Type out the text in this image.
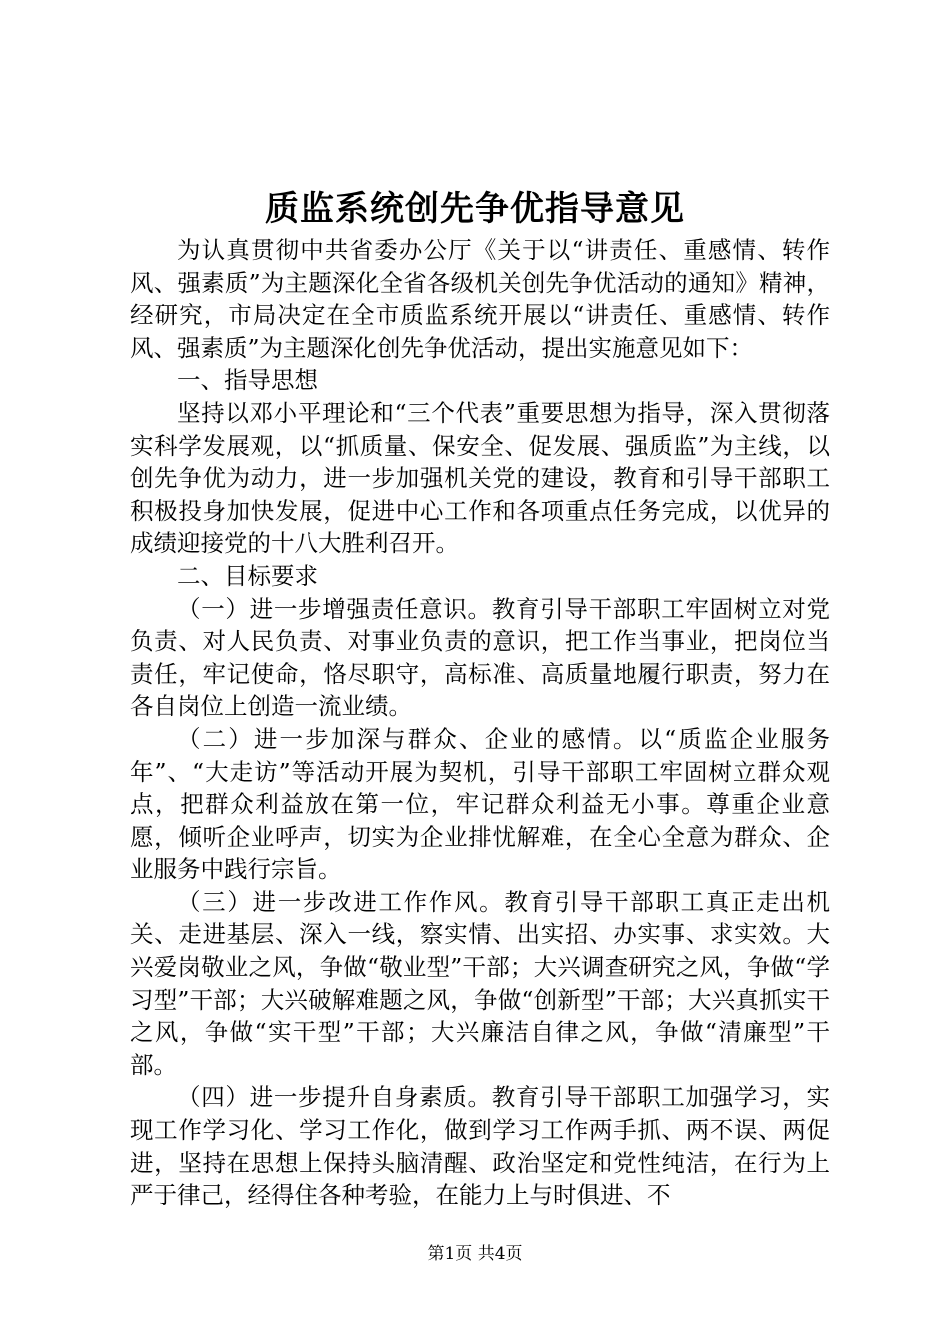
质监系统创先争优指导意见

为认真贯彻中共省委办公厅《关于以“讲责任、重感情、转作风、强素质”为主题深化全省各级机关创先争优活动的通知》精神，经研究，市局决定在全市质监系统开展以“讲责任、重感情、转作风、强素质”为主题深化创先争优活动，提出实施意见如下：

一、指导思想

坚持以邓小平理论和“三个代表”重要思想为指导，深入贯彻落实科学发展观，以“抓质量、保安全、促发展、强质监”为主线，以创先争优为动力，进一步加强机关党的建设，教育和引导干部职工积极投身加快发展，促进中心工作和各项重点任务完成，以优异的成绩迎接党的十八大胜利召开。

二、目标要求

（一）进一步增强责任意识。教育引导干部职工牢固树立对党负责、对人民负责、对事业负责的意识，把工作当事业，把岗位当责任，牢记使命，恪尽职守，高标准、高质量地履行职责，努力在各自岗位上创造一流业绩。

（二）进一步加深与群众、企业的感情。以“质监企业服务年”、“大走访”等活动开展为契机，引导干部职工牢固树立群众观点，把群众利益放在第一位，牢记群众利益无小事。尊重企业意愿，倾听企业呼声，切实为企业排忧解难，在全心全意为群众、企业服务中践行宗旨。

（三）进一步改进工作作风。教育引导干部职工真正走出机关、走进基层、深入一线，察实情、出实招、办实事、求实效。大兴爱岗敬业之风，争做“敬业型”干部；大兴调查研究之风，争做“学习型”干部；大兴破解难题之风，争做“创新型”干部；大兴真抓实干之风，争做“实干型”干部；大兴廉洁自律之风，争做“清廉型”干部。

（四）进一步提升自身素质。教育引导干部职工加强学习，实现工作学习化、学习工作化，做到学习工作两手抓、两不误、两促进，坚持在思想上保持头脑清醒、政治坚定和党性纯洁，在行为上严于律己，经得住各种考验，在能力上与时俱进、不

第1页 共4页
